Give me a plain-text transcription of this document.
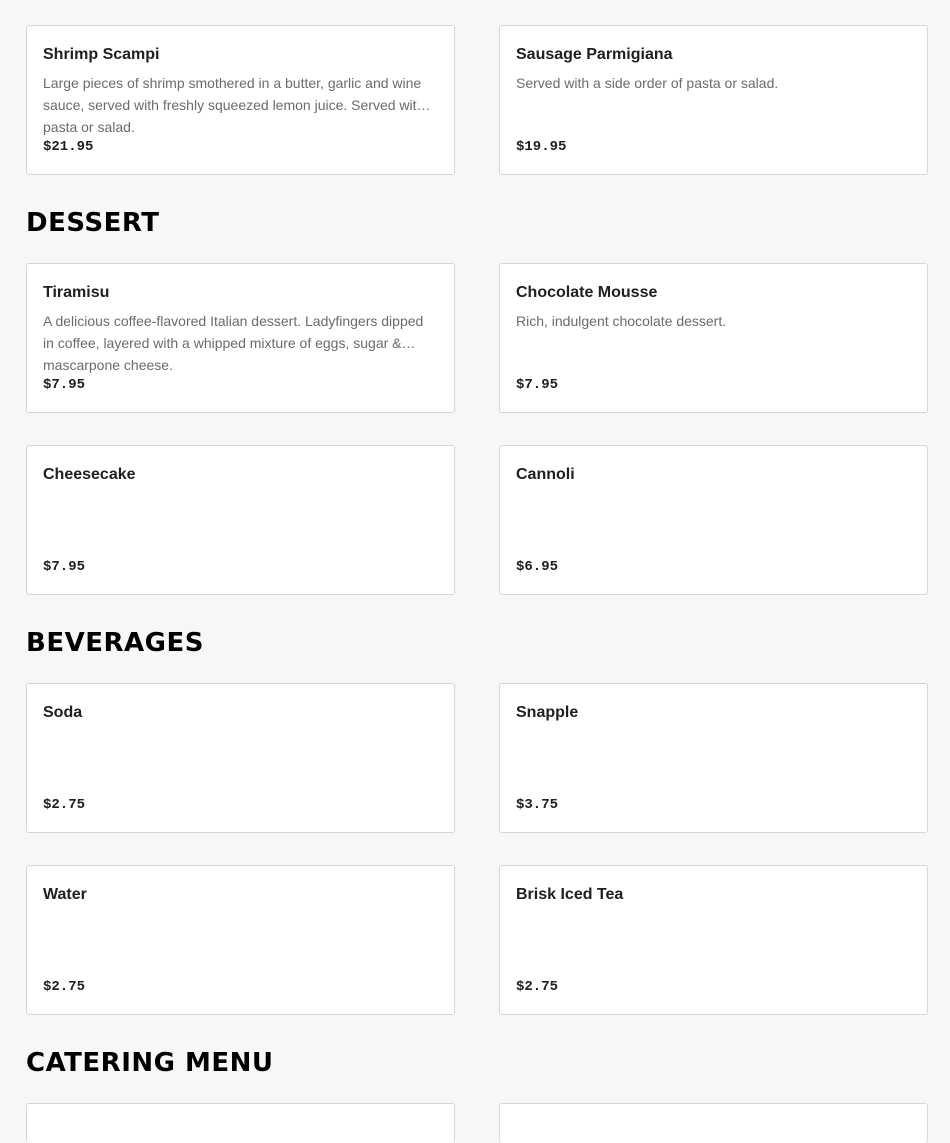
Shrimp Scampi
Large pieces of shrimp smothered in a butter, garlic and wine sauce, served with freshly squeezed lemon juice. Served with pasta or salad.
$21.95
Sausage Parmigiana
Served with a side order of pasta or salad.
$19.95
DESSERT
Tiramisu
A delicious coffee-flavored Italian dessert. Ladyfingers dipped in coffee, layered with a whipped mixture of eggs, sugar & mascarpone cheese.
$7.95
Chocolate Mousse
Rich, indulgent chocolate dessert.
$7.95
Cheesecake
$7.95
Cannoli
$6.95
BEVERAGES
Soda
$2.75
Snapple
$3.75
Water
$2.75
Brisk Iced Tea
$2.75
CATERING MENU
